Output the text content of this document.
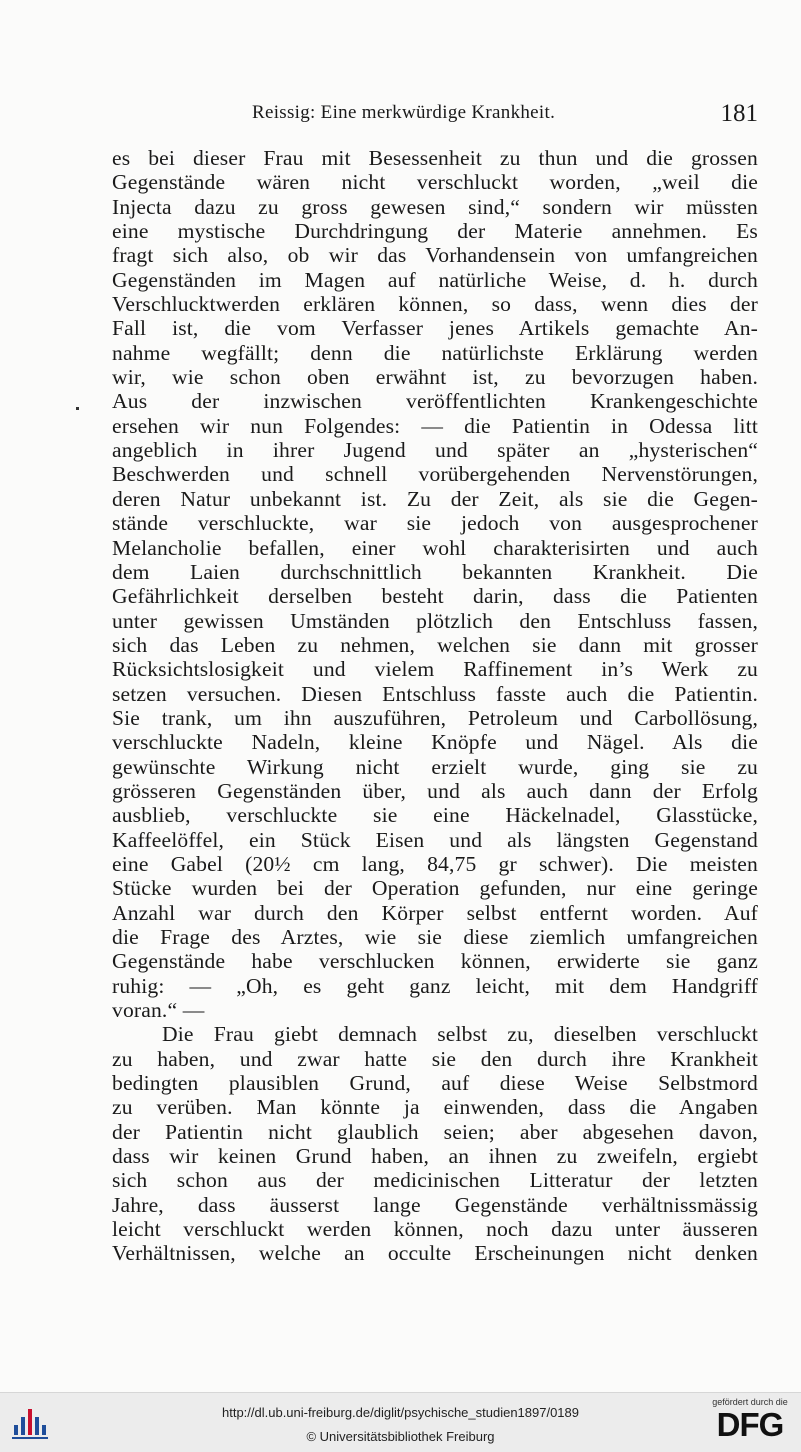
Reissig: Eine merkwürdige Krankheit.	181
es bei dieser Frau mit Besessenheit zu thun und die grossen
Gegenstände wären nicht verschluckt worden, „weil die
Injecta dazu zu gross gewesen sind,“ sondern wir müssten
eine mystische Durchdringung der Materie annehmen. Es
fragt sich also, ob wir das Vorhandensein von umfangreichen
Gegenständen im Magen auf natürliche Weise, d. h. durch
Verschlucktwerden erklären können, so dass, wenn dies der
Fall ist, die vom Verfasser jenes Artikels gemachte An-
nahme wegfällt; denn die natürlichste Erklärung werden
wir, wie schon oben erwähnt ist, zu bevorzugen haben.
Aus der inzwischen veröffentlichten Krankengeschichte
ersehen wir nun Folgendes: — die Patientin in Odessa litt
angeblich in ihrer Jugend und später an „hysterischen“
Beschwerden und schnell vorübergehenden Nervenstörungen,
deren Natur unbekannt ist. Zu der Zeit, als sie die Gegen-
stände verschluckte, war sie jedoch von ausgesprochener
Melancholie befallen, einer wohl charakterisirten und auch
dem Laien durchschnittlich bekannten Krankheit. Die
Gefährlichkeit derselben besteht darin, dass die Patienten
unter gewissen Umständen plötzlich den Entschluss fassen,
sich das Leben zu nehmen, welchen sie dann mit grosser
Rücksichtslosigkeit und vielem Raffinement in’s Werk zu
setzen versuchen. Diesen Entschluss fasste auch die Patientin.
Sie trank, um ihn auszuführen, Petroleum und Carbollösung,
verschluckte Nadeln, kleine Knöpfe und Nägel. Als die
gewünschte Wirkung nicht erzielt wurde, ging sie zu
grösseren Gegenständen über, und als auch dann der Erfolg
ausblieb, verschluckte sie eine Häckelnadel, Glasstücke,
Kaffeelöffel, ein Stück Eisen und als längsten Gegenstand
eine Gabel (20½ cm lang, 84,75 gr schwer). Die meisten
Stücke wurden bei der Operation gefunden, nur eine geringe
Anzahl war durch den Körper selbst entfernt worden. Auf
die Frage des Arztes, wie sie diese ziemlich umfangreichen
Gegenstände habe verschlucken können, erwiderte sie ganz
ruhig: — „Oh, es geht ganz leicht, mit dem Handgriff
voran.“ —
Die Frau giebt demnach selbst zu, dieselben verschluckt
zu haben, und zwar hatte sie den durch ihre Krankheit
bedingten plausiblen Grund, auf diese Weise Selbstmord
zu verüben. Man könnte ja einwenden, dass die Angaben
der Patientin nicht glaublich seien; aber abgesehen davon,
dass wir keinen Grund haben, an ihnen zu zweifeln, ergiebt
sich schon aus der medicinischen Litteratur der letzten
Jahre, dass äusserst lange Gegenstände verhältnissmässig
leicht verschluckt werden können, noch dazu unter äusseren
Verhältnissen, welche an occulte Erscheinungen nicht denken
http://dl.ub.uni-freiburg.de/diglit/psychische_studien1897/0189
© Universitätsbibliothek Freiburg
gefördert durch die
DFG
